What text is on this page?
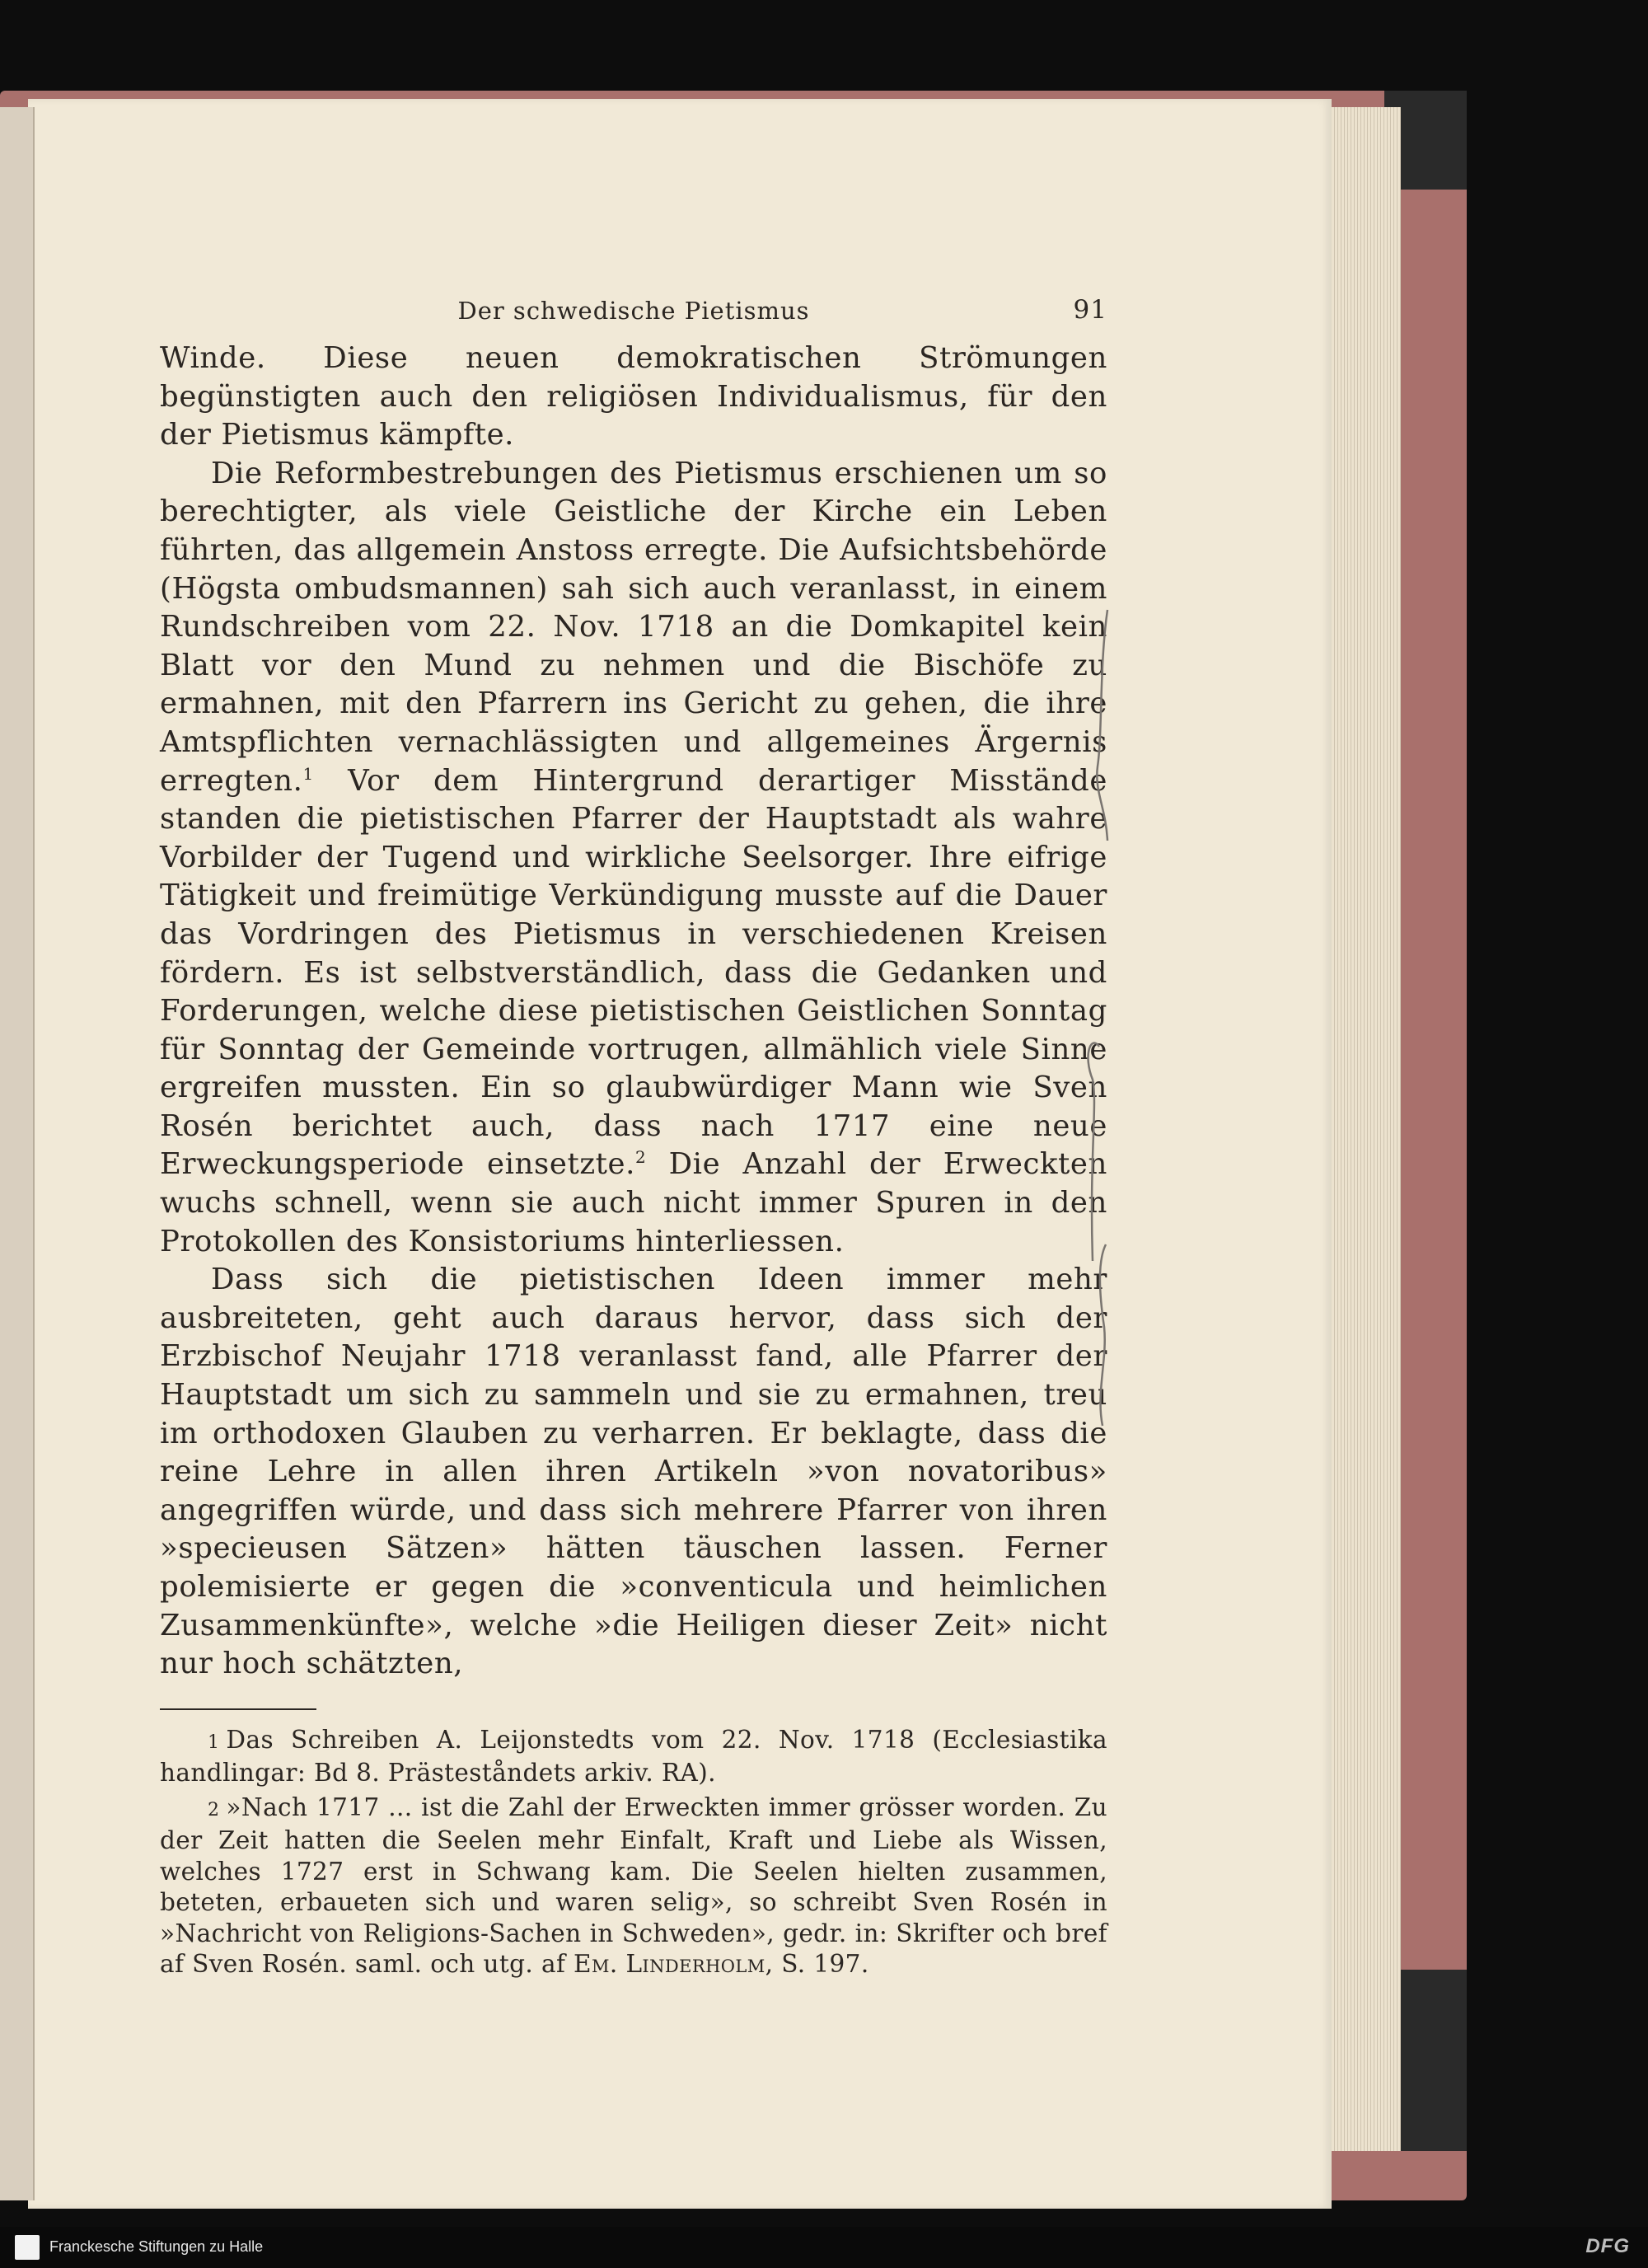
Der schwedische Pietismus	91

Winde. Diese neuen demokratischen Strömungen begünstigten auch den religiösen Individualismus, für den der Pietismus kämpfte.

Die Reformbestrebungen des Pietismus erschienen um so berechtigter, als viele Geistliche der Kirche ein Leben führten, das allgemein Anstoss erregte. Die Aufsichtsbehörde (Högsta ombudsmannen) sah sich auch veranlasst, in einem Rundschreiben vom 22. Nov. 1718 an die Domkapitel kein Blatt vor den Mund zu nehmen und die Bischöfe zu ermahnen, mit den Pfarrern ins Gericht zu gehen, die ihre Amtspflichten vernachlässigten und allgemeines Ärgernis erregten.$^1$ Vor dem Hintergrund derartiger Misstände standen die pietistischen Pfarrer der Hauptstadt als wahre Vorbilder der Tugend und wirkliche Seelsorger. Ihre eifrige Tätigkeit und freimütige Verkündigung musste auf die Dauer das Vordringen des Pietismus in verschiedenen Kreisen fördern. Es ist selbstverständlich, dass die Gedanken und Forderungen, welche diese pietistischen Geistlichen Sonntag für Sonntag der Gemeinde vortrugen, allmählich viele Sinne ergreifen mussten. Ein so glaubwürdiger Mann wie Sven Rosén berichtet auch, dass nach 1717 eine neue Erweckungsperiode einsetzte.$^2$ Die Anzahl der Erweckten wuchs schnell, wenn sie auch nicht immer Spuren in den Protokollen des Konsistoriums hinterliessen.

Dass sich die pietistischen Ideen immer mehr ausbreiteten, geht auch daraus hervor, dass sich der Erzbischof Neujahr 1718 veranlasst fand, alle Pfarrer der Hauptstadt um sich zu sammeln und sie zu ermahnen, treu im orthodoxen Glauben zu verharren. Er beklagte, dass die reine Lehre in allen ihren Artikeln »von novatoribus» angegriffen würde, und dass sich mehrere Pfarrer von ihren »specieusen Sätzen» hätten täuschen lassen. Ferner polemisierte er gegen die »conventicula und heimlichen Zusammenkünfte», welche »die Heiligen dieser Zeit» nicht nur hoch schätzten,

1 Das Schreiben A. Leijonstedts vom 22. Nov. 1718 (Ecclesiastika handlingar: Bd 8. Prästeståndets arkiv. RA).

2 »Nach 1717 ... ist die Zahl der Erweckten immer grösser worden. Zu der Zeit hatten die Seelen mehr Einfalt, Kraft und Liebe als Wissen, welches 1727 erst in Schwang kam. Die Seelen hielten zusammen, beteten, erbaueten sich und waren selig», so schreibt Sven Rosén in »Nachricht von Religions-Sachen in Schweden», gedr. in: Skrifter och bref af Sven Rosén. saml. och utg. af Em. Linderholm, S. 197.

Franckesche Stiftungen zu Halle	DFG
